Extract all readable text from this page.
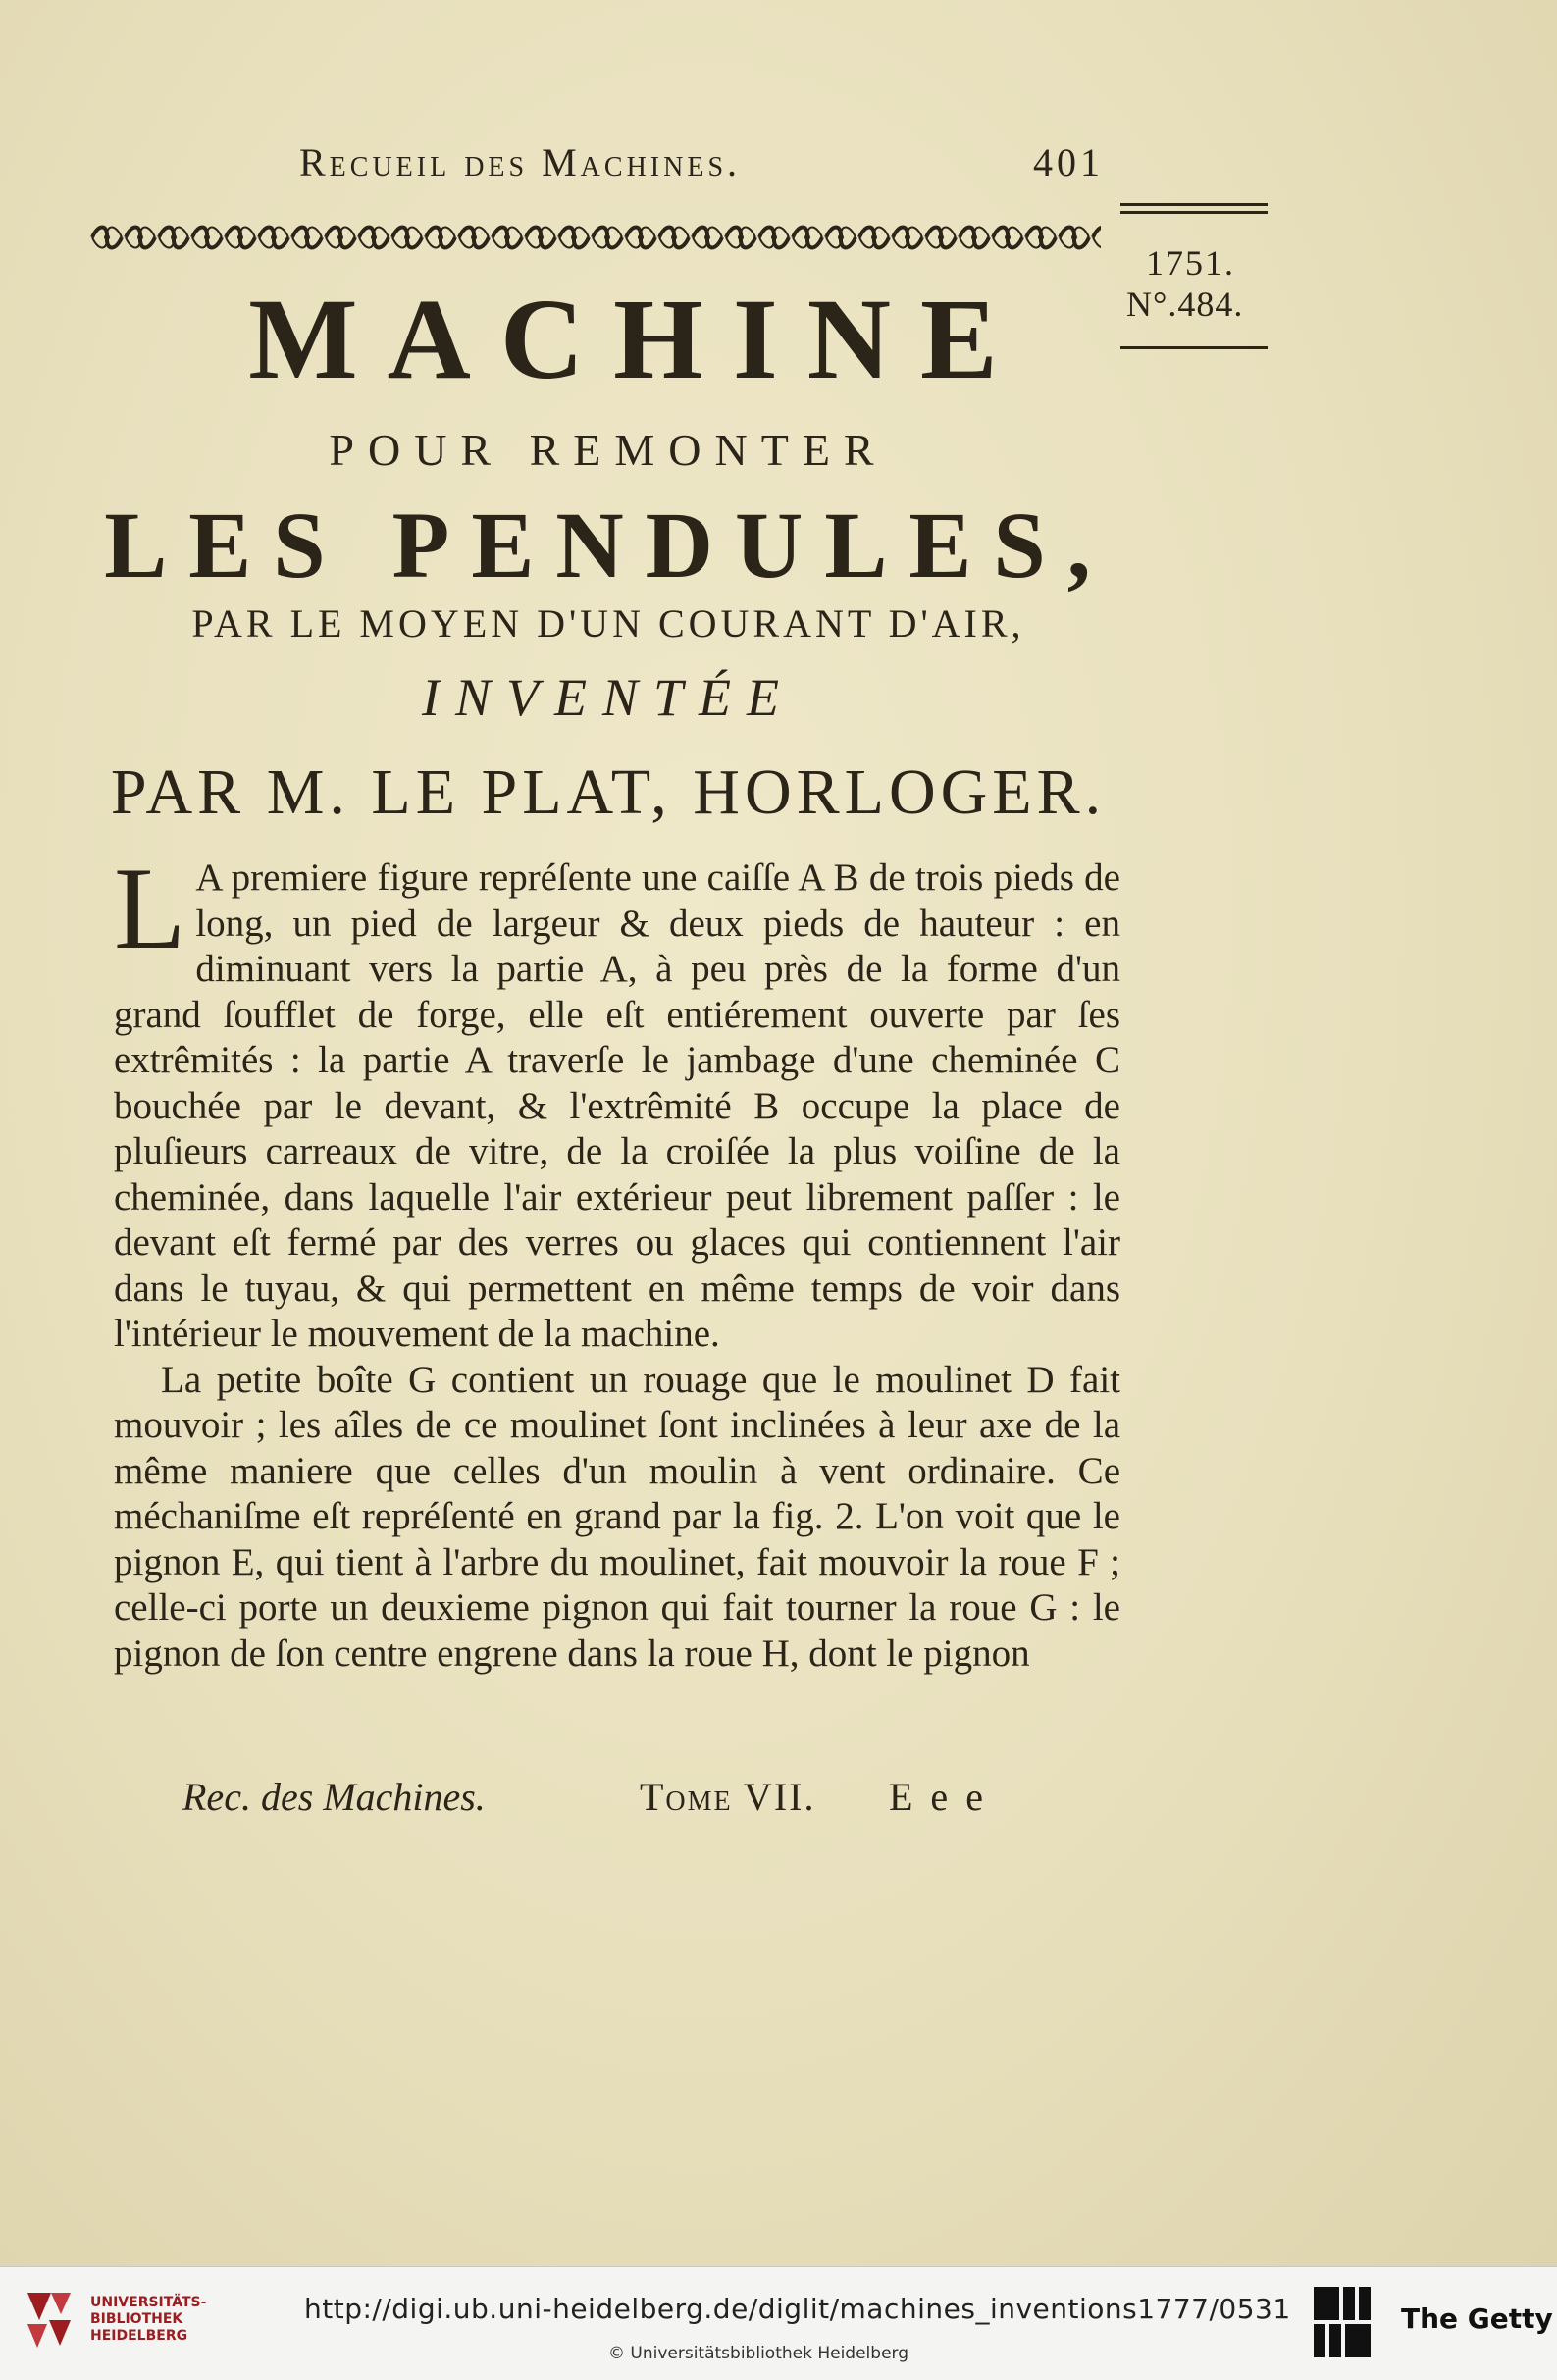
Recueil des Machines.	401
1751.
N°.484.
MACHINE
POUR REMONTER
LES PENDULES,
PAR LE MOYEN D'UN COURANT D'AIR,
INVENTÉE
PAR M. LE PLAT, HORLOGER.

L A premiere figure repréſente une caiſſe A B de trois pieds de long, un pied de largeur & deux pieds de hauteur : en diminuant vers la partie A, à peu près de la forme d'un grand ſoufflet de forge, elle eſt entiérement ouverte par ſes extrêmités : la partie A traverſe le jambage d'une cheminée C bouchée par le devant, & l'extrêmité B occupe la place de pluſieurs carreaux de vitre, de la croiſée la plus voiſine de la cheminée, dans laquelle l'air extérieur peut librement paſſer : le devant eſt fermé par des verres ou glaces qui contiennent l'air dans le tuyau, & qui permettent en même temps de voir dans l'intérieur le mouvement de la machine.

La petite boîte G contient un rouage que le moulinet D fait mouvoir ; les aîles de ce moulinet ſont inclinées à leur axe de la même maniere que celles d'un moulin à vent ordinaire. Ce méchaniſme eſt repréſenté en grand par la fig. 2. L'on voit que le pignon E, qui tient à l'arbre du moulinet, fait mouvoir la roue F ; celle-ci porte un deuxieme pignon qui fait tourner la roue G : le pignon de ſon centre engrene dans la roue H, dont le pignon

Rec. des Machines.	Tome VII. E e e
UNIVERSITÄTS-
BIBLIOTHEK
HEIDELBERG
http://digi.ub.uni-heidelberg.de/diglit/machines_inventions1777/0531
© Universitätsbibliothek Heidelberg
The Getty
